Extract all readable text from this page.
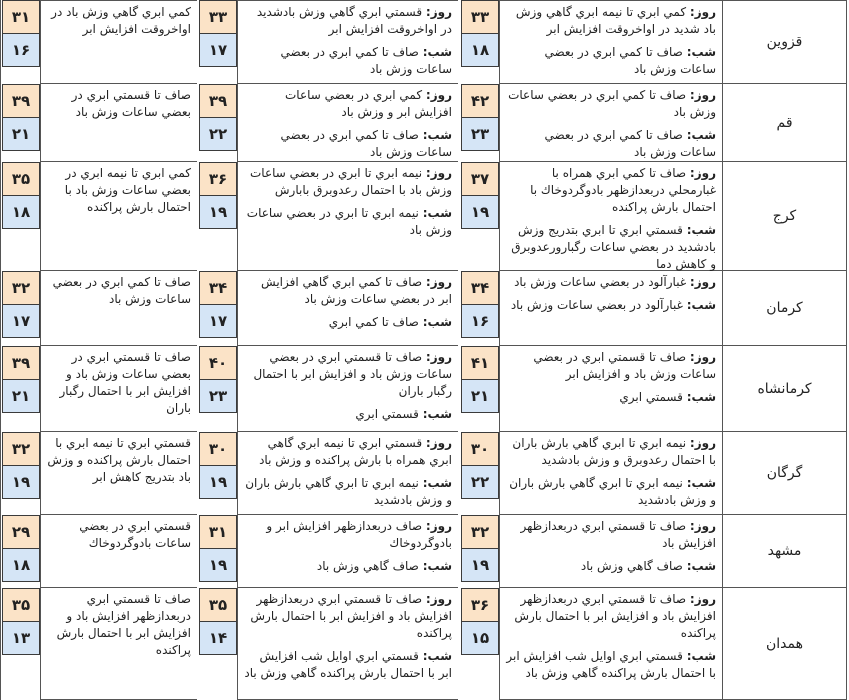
قزوین
۳۳
۱۸

روز: كمي ابري تا نيمه ابري گاهي وزش باد شديد در اواخروقت افزايش ابر

شب: صاف تا كمي ابري در بعضي ساعات وزش باد

۳۳
۱۷

روز: قسمتي ابري گاهي وزش بادشديد در اواخروقت افزايش ابر

شب: صاف تا كمي ابري در بعضي ساعات وزش باد

۳۱
۱۶

كمي ابري گاهي وزش باد در اواخروقت افزايش ابر

قم
۴۲
۲۳

روز: صاف تا كمي ابري در بعضي ساعات وزش باد

شب: صاف تا كمي ابري در بعضي ساعات وزش باد

۳۹
۲۲

روز: كمي ابري در بعضي ساعات افزايش ابر و وزش باد

شب: صاف تا كمي ابري در بعضي ساعات وزش باد

۳۹
۲۱

صاف تا قسمتي ابري در بعضي ساعات وزش باد

کرج
۳۷
۱۹

روز: صاف تا كمي ابري همراه با غبارمحلي دربعدازظهر بادوگردوخاك با احتمال بارش پراكنده

شب: قسمتي ابري تا ابري بتدريج وزش بادشديد در بعضي ساعات رگبارورعدوبرق و كاهش دما

۳۶
۱۹

روز: نيمه ابري تا ابري در بعضي ساعات وزش باد با احتمال رعدوبرق بابارش

شب: نيمه ابري تا ابري در بعضي ساعات وزش باد

۳۵
۱۸

كمي ابري تا نيمه ابري در بعضي ساعات وزش باد با احتمال بارش پراكنده

کرمان
۳۴
۱۶

روز: غبارآلود در بعضي ساعات وزش باد

شب: غبارآلود در بعضي ساعات وزش باد

۳۴
۱۷

روز: صاف تا كمي ابري گاهي افزايش ابر در بعضي ساعات وزش باد

شب: صاف تا كمي ابري

۳۲
۱۷

صاف تا كمي ابري در بعضي ساعات وزش باد

کرمانشاه
۴۱
۲۱

روز: صاف تا قسمتي ابري در بعضي ساعات وزش باد و افزايش ابر

شب: قسمتي ابري

۴۰
۲۳

روز: صاف تا قسمتي ابري در بعضي ساعات وزش باد و افزايش ابر با احتمال رگبار باران

شب: قسمتي ابري

۳۹
۲۱

صاف تا قسمتي ابري در بعضي ساعات وزش باد و افزايش ابر با احتمال رگبار باران

گرگان
۳۰
۲۲

روز: نيمه ابري تا ابري گاهي بارش باران با احتمال رعدوبرق و وزش بادشديد

شب: نيمه ابري تا ابري گاهي بارش باران و وزش بادشديد

۳۰
۱۹

روز: قسمتي ابري تا نيمه ابري گاهي ابري همراه با بارش پراكنده و وزش باد

شب: نيمه ابري تا ابري گاهي بارش باران و وزش بادشديد

۳۲
۱۹

قسمتي ابري تا نيمه ابري با احتمال بارش پراكنده و وزش باد بتدريج كاهش ابر

مشهد
۳۲
۱۹

روز: صاف تا قسمتي ابري دربعدازظهر افزايش باد

شب: صاف گاهي وزش باد

۳۱
۱۹

روز: صاف دربعدازظهر افزايش ابر و بادوگردوخاك

شب: صاف گاهي وزش باد

۲۹
۱۸

قسمتي ابري در بعضي ساعات بادوگردوخاك

همدان
۳۶
۱۵

روز: صاف تا قسمتي ابري دربعدازظهر افزايش باد و افزايش ابر با احتمال بارش پراكنده

شب: قسمتي ابري اوايل شب افزايش ابر با احتمال بارش پراكنده گاهي وزش باد

۳۵
۱۴

روز: صاف تا قسمتي ابري دربعدازظهر افزايش باد و افزايش ابر با احتمال بارش پراكنده

شب: قسمتي ابري اوايل شب افزايش ابر با احتمال بارش پراكنده گاهي وزش باد

۳۵
۱۳

صاف تا قسمتي ابري دربعدازظهر افزايش باد و افزايش ابر با احتمال بارش پراكنده
